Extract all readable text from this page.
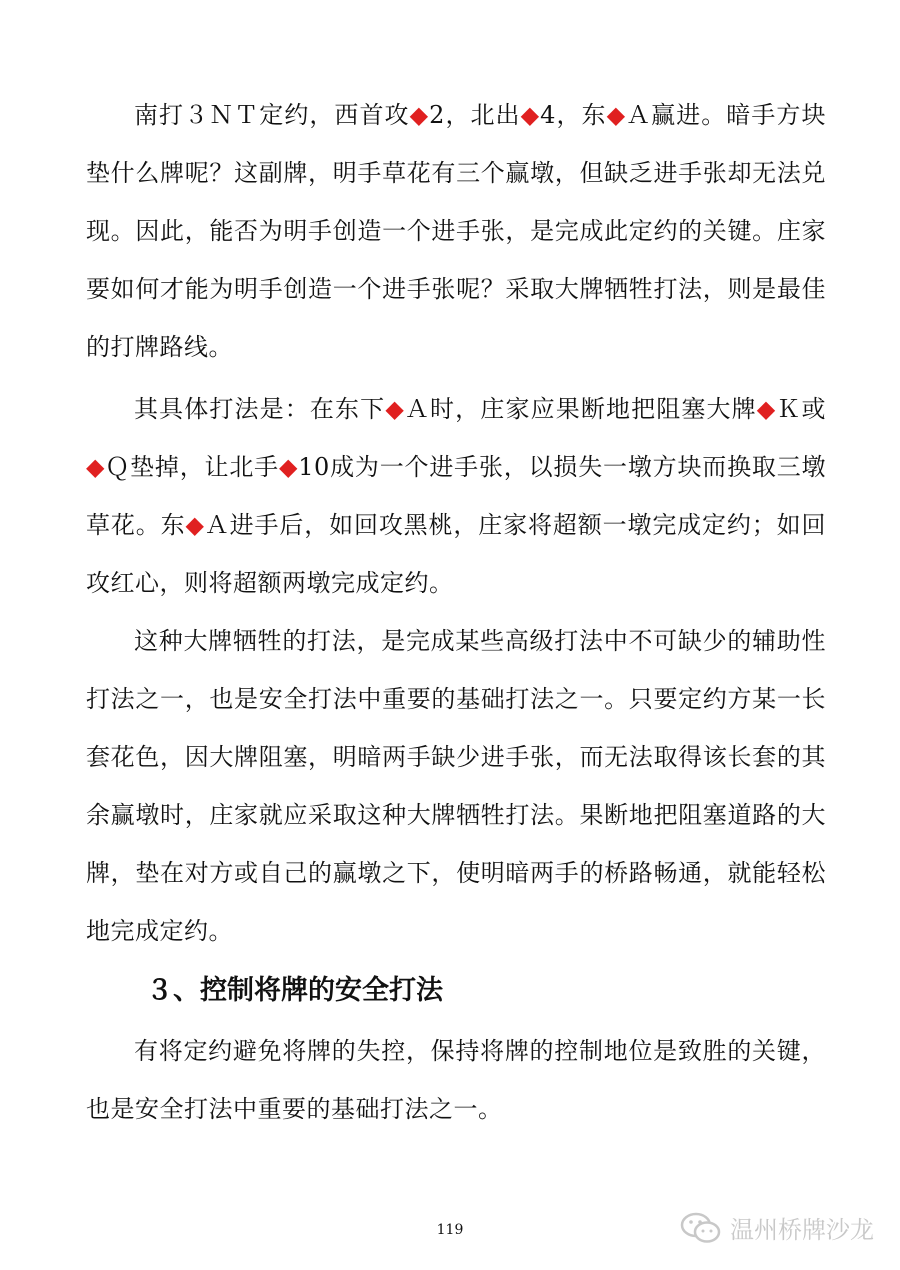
南打３ＮＴ定约，西首攻◆2，北出◆4，东◆Ａ赢进。暗手方块垫什么牌呢？这副牌，明手草花有三个赢墩，但缺乏进手张却无法兑现。因此，能否为明手创造一个进手张，是完成此定约的关键。庄家要如何才能为明手创造一个进手张呢？采取大牌牺牲打法，则是最佳的打牌路线。

其具体打法是：在东下◆Ａ时，庄家应果断地把阻塞大牌◆Ｋ或◆Ｑ垫掉，让北手◆10成为一个进手张，以损失一墩方块而换取三墩草花。东◆Ａ进手后，如回攻黑桃，庄家将超额一墩完成定约；如回攻红心，则将超额两墩完成定约。

这种大牌牺牲的打法，是完成某些高级打法中不可缺少的辅助性打法之一，也是安全打法中重要的基础打法之一。只要定约方某一长套花色，因大牌阻塞，明暗两手缺少进手张，而无法取得该长套的其余赢墩时，庄家就应采取这种大牌牺牲打法。果断地把阻塞道路的大牌，垫在对方或自己的赢墩之下，使明暗两手的桥路畅通，就能轻松地完成定约。

３、控制将牌的安全打法

有将定约避免将牌的失控，保持将牌的控制地位是致胜的关键，也是安全打法中重要的基础打法之一。

119	温州桥牌沙龙
